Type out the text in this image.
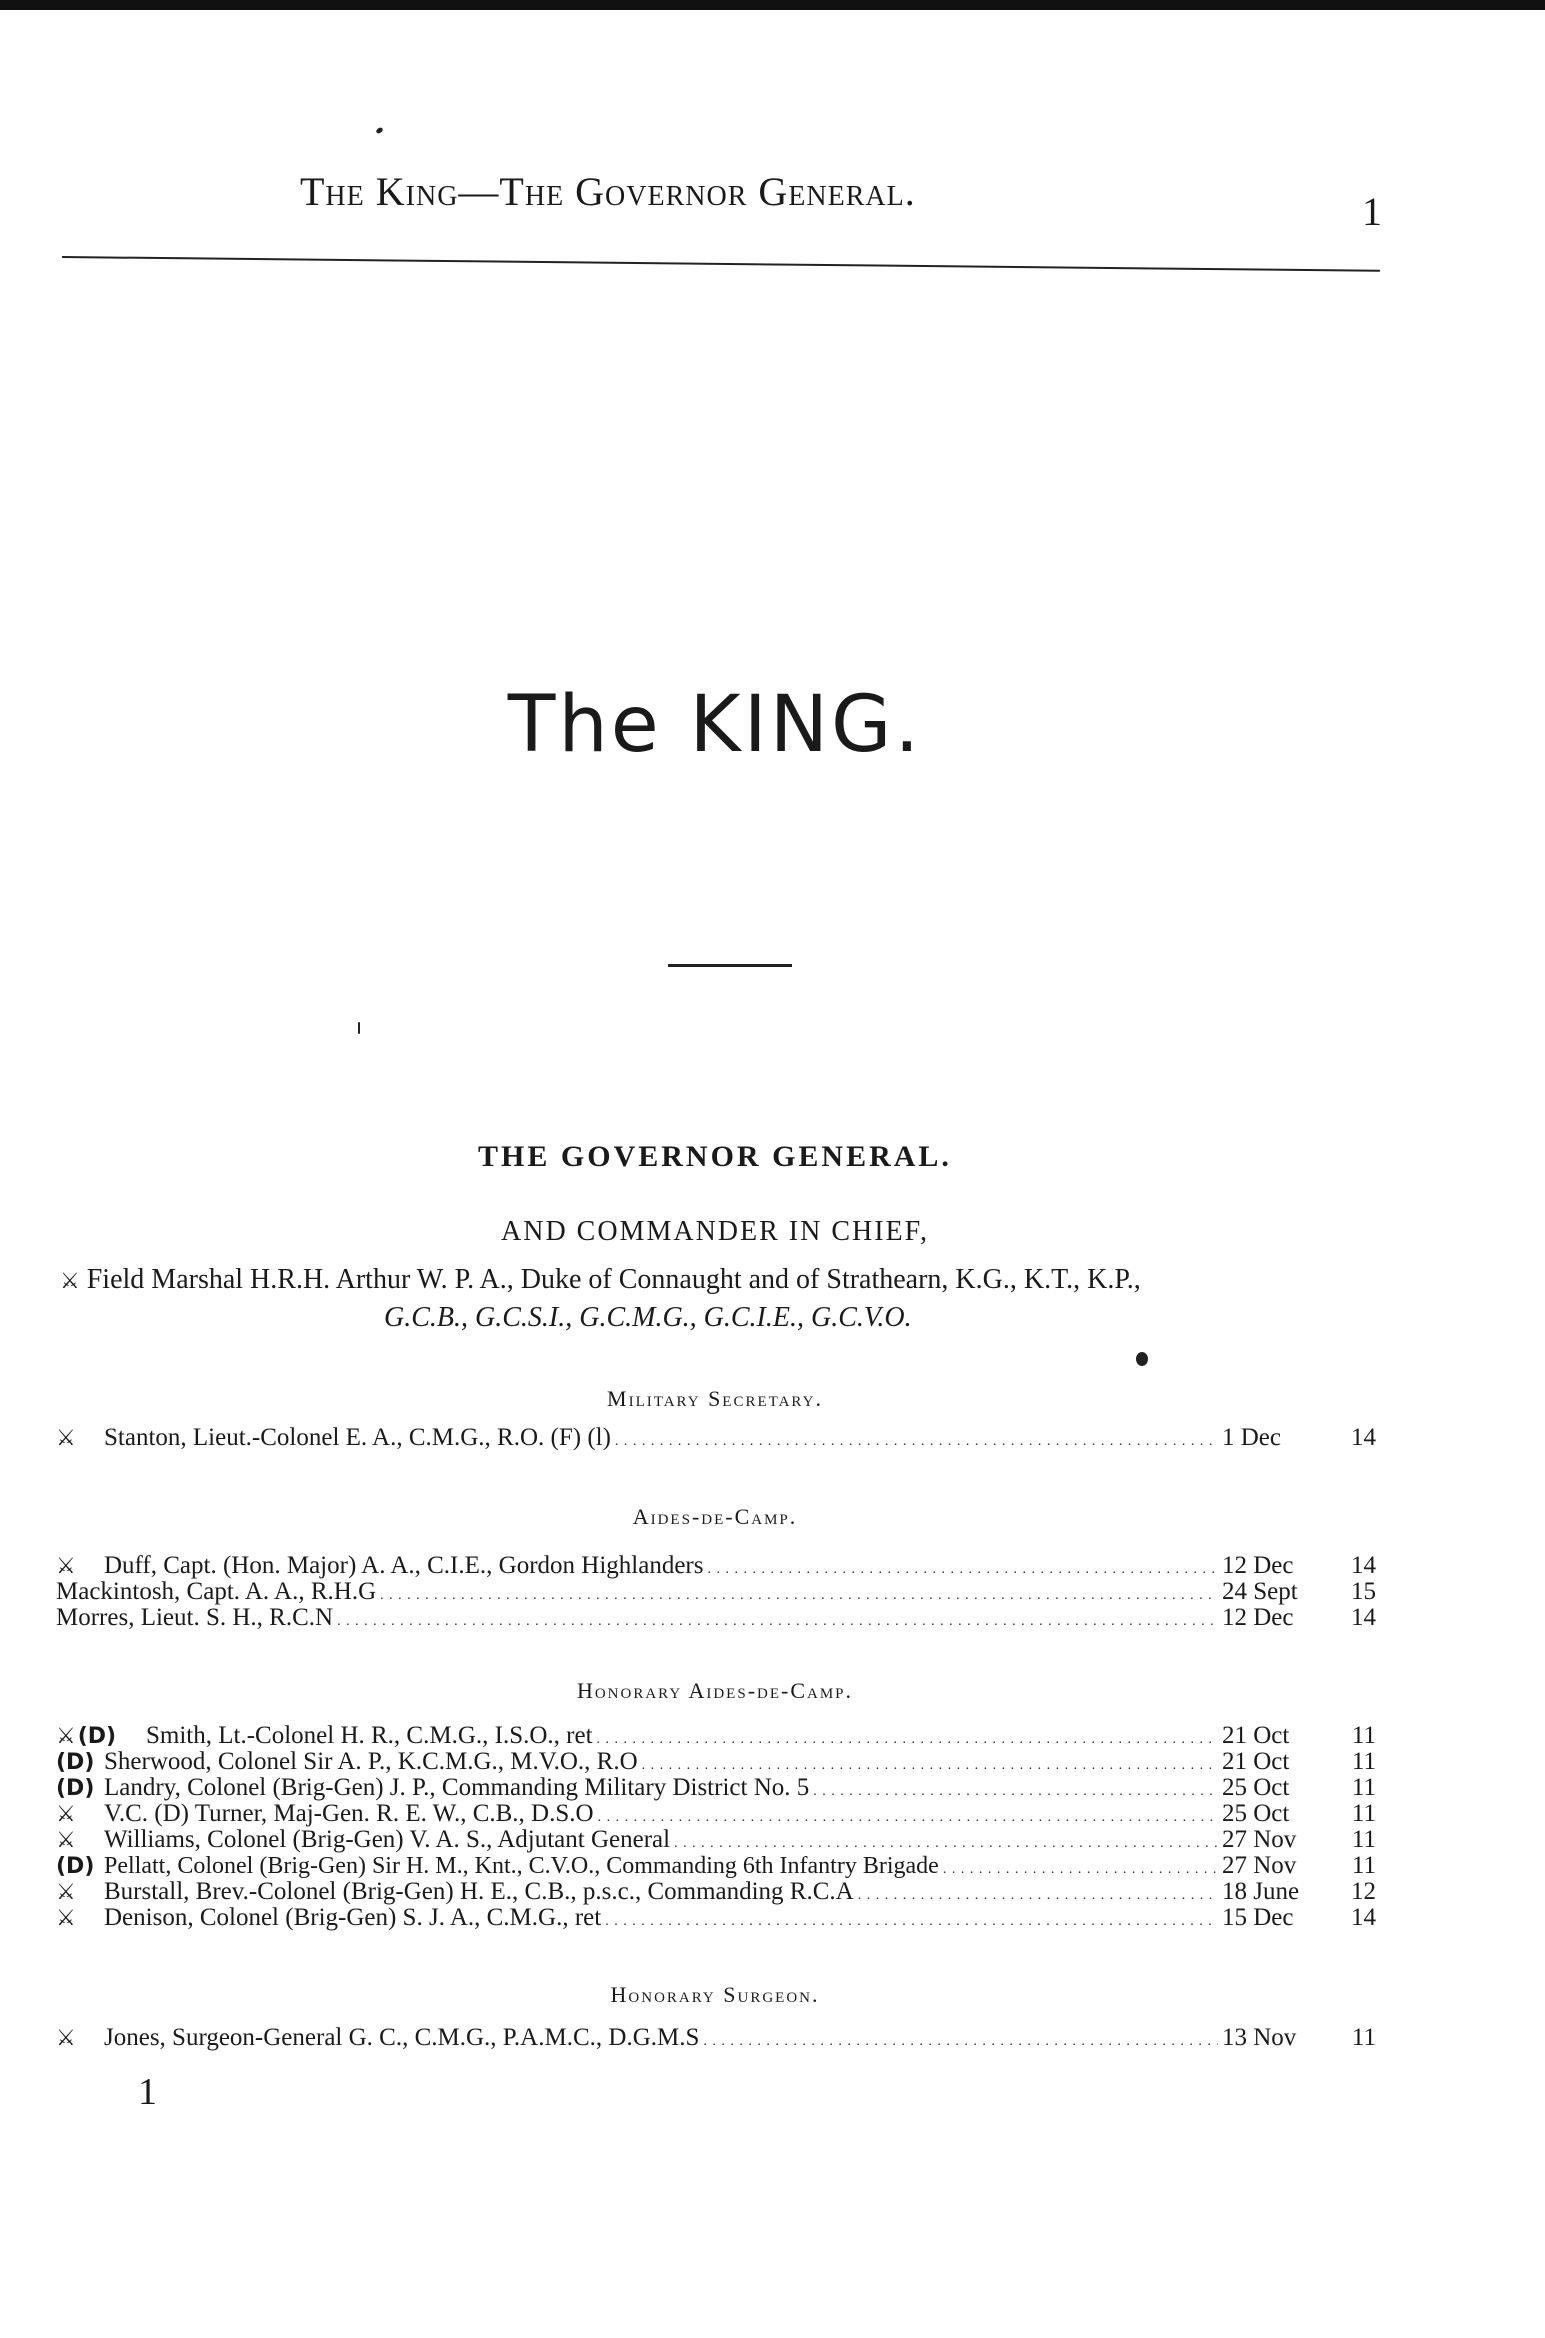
The King—The Governor General.	1
The KING.
THE GOVERNOR GENERAL.
AND COMMANDER IN CHIEF,
⚔ Field Marshal H.R.H. Arthur W. P. A., Duke of Connaught and of Strathearn, K.G., K.T., K.P.,
G.C.B., G.C.S.I., G.C.M.G., G.C.I.E., G.C.V.O.
Military Secretary.
⚔	Stanton, Lieut.-Colonel E. A., C.M.G., R.O. (F) (l) . . .	1 Dec	14
Aides-de-Camp.
⚔	Duff, Capt. (Hon. Major) A. A., C.I.E., Gordon Highlanders . . .	12 Dec	14
Mackintosh, Capt. A. A., R.H.G . . .	24 Sept	15
Morres, Lieut. S. H., R.C.N . . .	12 Dec	14
Honorary Aides-de-Camp.
⚔(D)	Smith, Lt.-Colonel H. R., C.M.G., I.S.O., ret . . .	21 Oct	11
(D) Sherwood, Colonel Sir A. P., K.C.M.G., M.V.O., R.O . . .	21 Oct	11
(D) Landry, Colonel (Brig-Gen) J. P., Commanding Military District No. 5 . . .	25 Oct	11
⚔	V.C. (D) Turner, Maj-Gen. R. E. W., C.B., D.S.O . . .	25 Oct	11
⚔	Williams, Colonel (Brig-Gen) V. A. S., Adjutant General . . .	27 Nov	11
(D) Pellatt, Colonel (Brig-Gen) Sir H. M., Knt., C.V.O., Commanding 6th Infantry Brigade . . .	27 Nov	11
⚔	Burstall, Brev.-Colonel (Brig-Gen) H. E., C.B., p.s.c., Commanding R.C.A . . .	18 June	12
⚔	Denison, Colonel (Brig-Gen) S. J. A., C.M.G., ret . . .	15 Dec	14
Honorary Surgeon.
⚔	Jones, Surgeon-General G. C., C.M.G., P.A.M.C., D.G.M.S . . .	13 Nov	11
1
